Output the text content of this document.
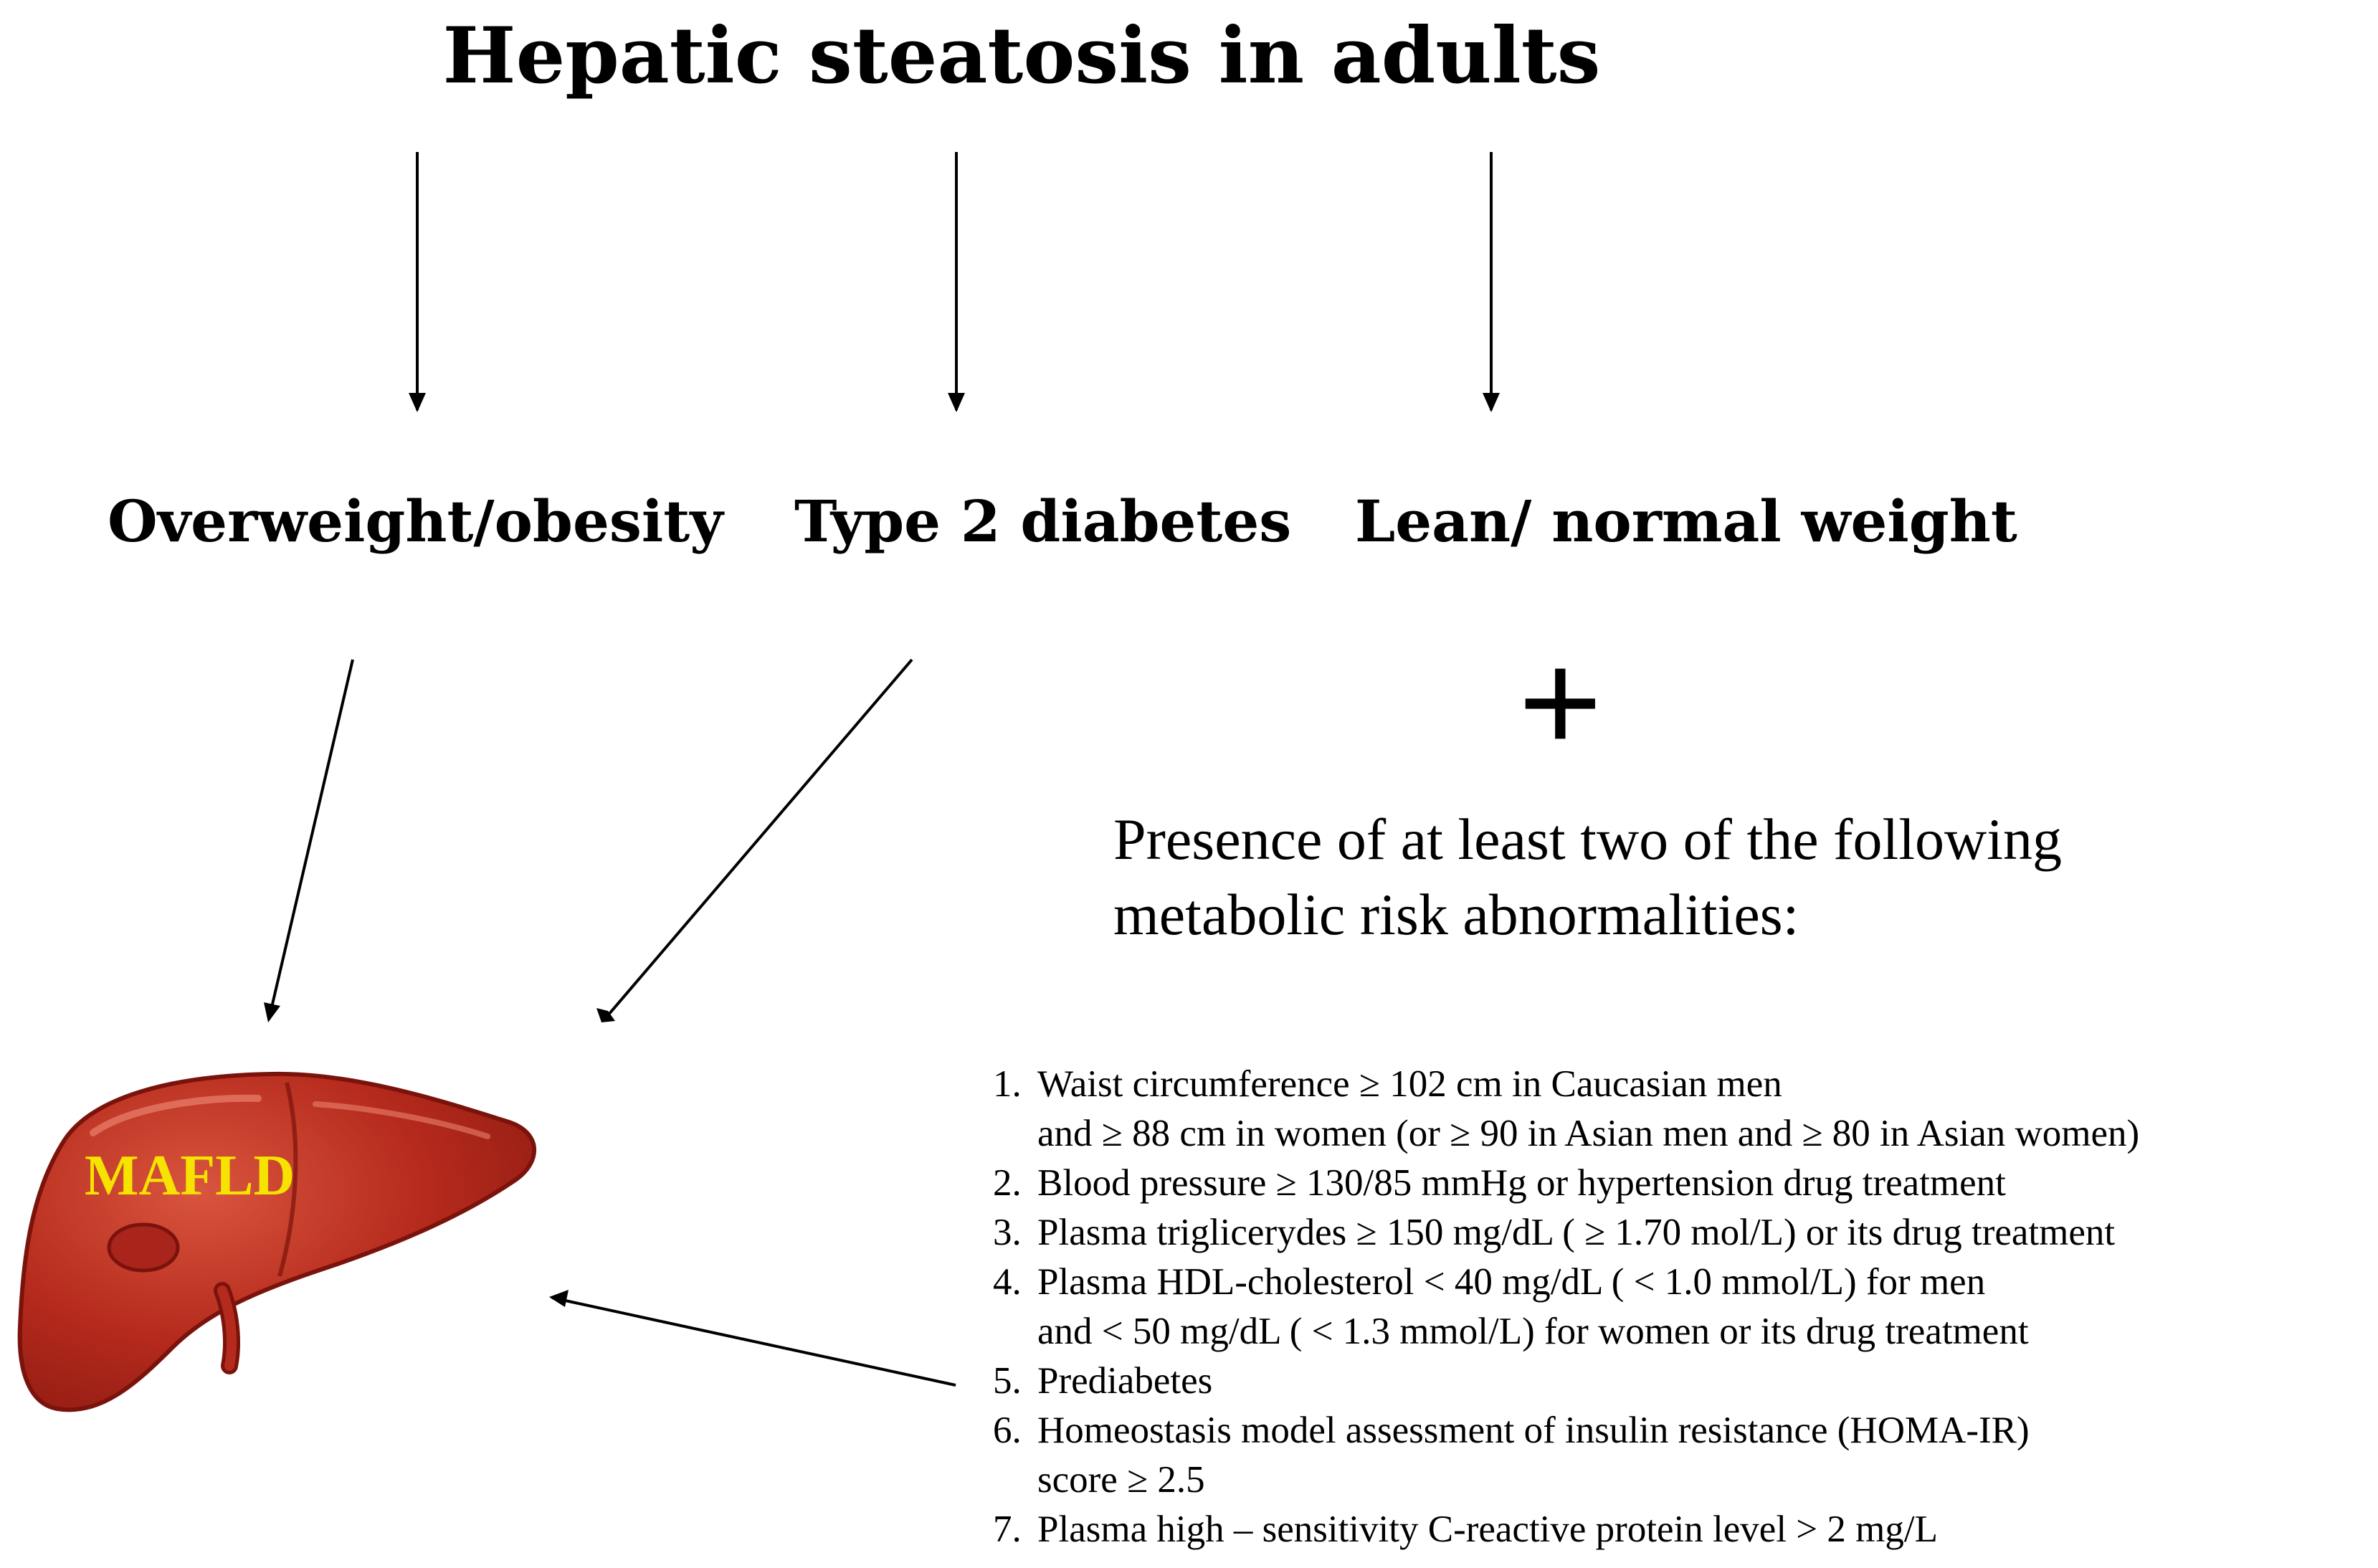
Hepatic steatosis in adults
Overweight/obesity Type 2 diabetes Lean/ normal weight
+
Presence of at least two of the following
metabolic risk abnormalities:
1. Waist circumference ≥ 102 cm in Caucasian men
and ≥ 88 cm in women (or ≥ 90 in Asian men and ≥ 80 in Asian women)
2. Blood pressure ≥ 130/85 mmHg or hypertension drug treatment
3. Plasma triglicerydes ≥ 150 mg/dL ( ≥ 1.70 mol/L) or its drug treatment
4. Plasma HDL-cholesterol < 40 mg/dL ( < 1.0 mmol/L) for men
and < 50 mg/dL ( < 1.3 mmol/L) for women or its drug treatment
5. Prediabetes
6. Homeostasis model assessment of insulin resistance (HOMA-IR)
score ≥ 2.5
7. Plasma high – sensitivity C-reactive protein level > 2 mg/L
MAFLD
